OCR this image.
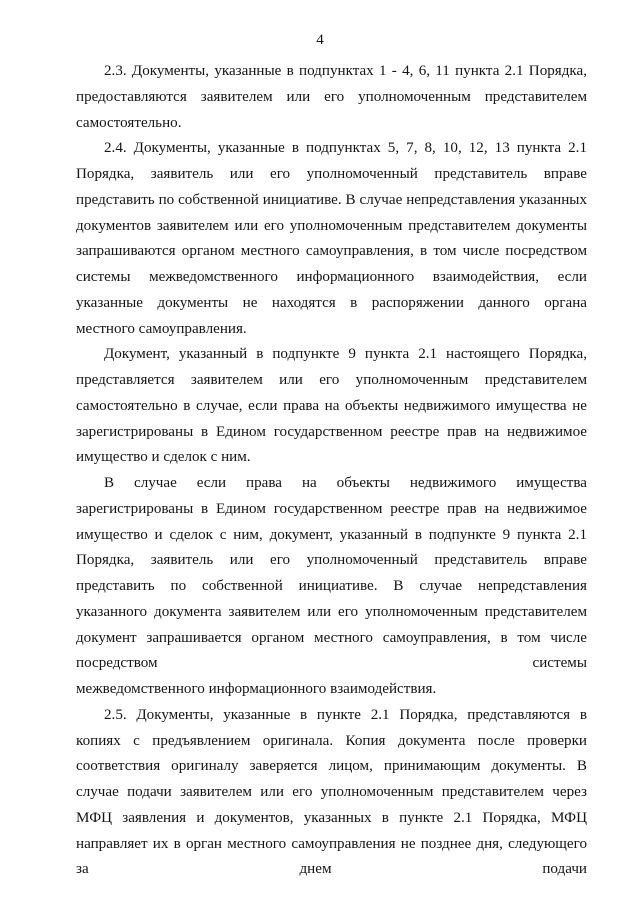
4

2.3. Документы, указанные в подпунктах 1 - 4, 6, 11 пункта 2.1 Порядка, предоставляются заявителем или его уполномоченным представителем
самостоятельно.

2.4. Документы, указанные в подпунктах 5, 7, 8, 10, 12, 13 пункта 2.1 Порядка, заявитель или его уполномоченный представитель вправе представить по собственной инициативе. В случае непредставления указанных документов заявителем или его уполномоченным представителем документы запрашиваются органом местного самоуправления, в том числе посредством системы межведомственного информационного взаимодействия, если указанные документы не находятся в распоряжении данного органа
местного самоуправления.

Документ, указанный в подпункте 9 пункта 2.1 настоящего Порядка, представляется заявителем или его уполномоченным представителем самостоятельно в случае, если права на объекты недвижимого имущества не зарегистрированы в Едином государственном реестре прав на недвижимое
имущество и сделок с ним.

В случае если права на объекты недвижимого имущества зарегистрированы в Едином государственном реестре прав на недвижимое имущество и сделок с ним, документ, указанный в подпункте 9 пункта 2.1 Порядка, заявитель или его уполномоченный представитель вправе представить по собственной инициативе. В случае непредставления указанного документа заявителем или его уполномоченным представителем документ запрашивается органом местного самоуправления, в том числе посредством системы
межведомственного информационного взаимодействия.

2.5. Документы, указанные в пункте 2.1 Порядка, представляются в копиях с предъявлением оригинала. Копия документа после проверки соответствия оригиналу заверяется лицом, принимающим документы. В случае подачи заявителем или его уполномоченным представителем через МФЦ заявления и документов, указанных в пункте 2.1 Порядка, МФЦ направляет их в орган местного самоуправления не позднее дня, следующего за днем подачи
